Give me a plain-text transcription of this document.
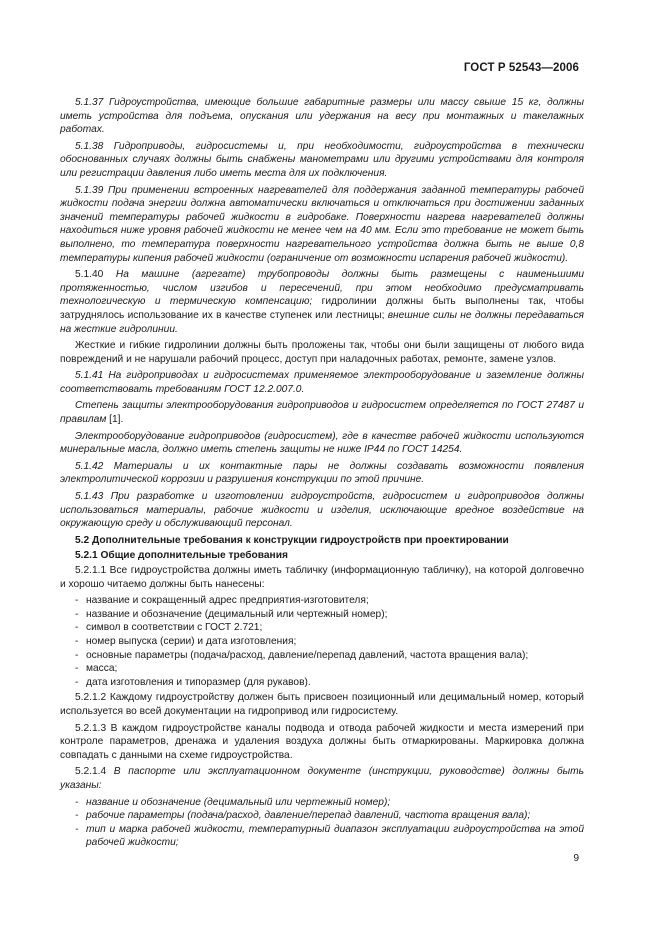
ГОСТ Р 52543—2006

5.1.37 Гидроустройства, имеющие большие габаритные размеры или массу свыше 15 кг, должны иметь устройства для подъема, опускания или удержания на весу при монтажных и такелажных работах.

5.1.38 Гидроприводы, гидросистемы и, при необходимости, гидроустройства в технически обоснованных случаях должны быть снабжены манометрами или другими устройствами для контроля или регистрации давления либо иметь места для их подключения.

5.1.39 При применении встроенных нагревателей для поддержания заданной температуры рабочей жидкости подача энергии должна автоматически включаться и отключаться при достижении заданных значений температуры рабочей жидкости в гидробаке. Поверхности нагрева нагревателей должны находиться ниже уровня рабочей жидкости не менее чем на 40 мм. Если это требование не может быть выполнено, то температура поверхности нагревательного устройства должна быть не выше 0,8 температуры кипения рабочей жидкости (ограничение от возможности испарения рабочей жидкости).

5.1.40 На машине (агрегате) трубопроводы должны быть размещены с наименьшими протяженностью, числом изгибов и пересечений, при этом необходимо предусматривать технологическую и термическую компенсацию; гидролинии должны быть выполнены так, чтобы затруднялось использование их в качестве ступенек или лестницы; внешние силы не должны передаваться на жесткие гидролинии.

Жесткие и гибкие гидролинии должны быть проложены так, чтобы они были защищены от любого вида повреждений и не нарушали рабочий процесс, доступ при наладочных работах, ремонте, замене узлов.

5.1.41 На гидроприводах и гидросистемах применяемое электрооборудование и заземление должны соответствовать требованиям ГОСТ 12.2.007.0.

Степень защиты электрооборудования гидроприводов и гидросистем определяется по ГОСТ 27487 и правилам [1].

Электрооборудование гидроприводов (гидросистем), где в качестве рабочей жидкости используются минеральные масла, должно иметь степень защиты не ниже IP44 по ГОСТ 14254.

5.1.42 Материалы и их контактные пары не должны создавать возможности появления электролитической коррозии и разрушения конструкции по этой причине.

5.1.43 При разработке и изготовлении гидроустройств, гидросистем и гидроприводов должны использоваться материалы, рабочие жидкости и изделия, исключающие вредное воздействие на окружающую среду и обслуживающий персонал.

5.2 Дополнительные требования к конструкции гидроустройств при проектировании

5.2.1 Общие дополнительные требования

5.2.1.1 Все гидроустройства должны иметь табличку (информационную табличку), на которой долговечно и хорошо читаемо должны быть нанесены:

- название и сокращенный адрес предприятия-изготовителя;
- название и обозначение (децимальный или чертежный номер);
- символ в соответствии с ГОСТ 2.721;
- номер выпуска (серии) и дата изготовления;
- основные параметры (подача/расход, давление/перепад давлений, частота вращения вала);
- масса;
- дата изготовления и типоразмер (для рукавов).

5.2.1.2 Каждому гидроустройству должен быть присвоен позиционный или децимальный номер, который используется во всей документации на гидропривод или гидросистему.

5.2.1.3 В каждом гидроустройстве каналы подвода и отвода рабочей жидкости и места измерений при контроле параметров, дренажа и удаления воздуха должны быть отмаркированы. Маркировка должна совпадать с данными на схеме гидроустройства.

5.2.1.4 В паспорте или эксплуатационном документе (инструкции, руководстве) должны быть указаны:

- название и обозначение (децимальный или чертежный номер);
- рабочие параметры (подача/расход, давление/перепад давлений, частота вращения вала);
- тип и марка рабочей жидкости, температурный диапазон эксплуатации гидроустройства на этой рабочей жидкости;
9
